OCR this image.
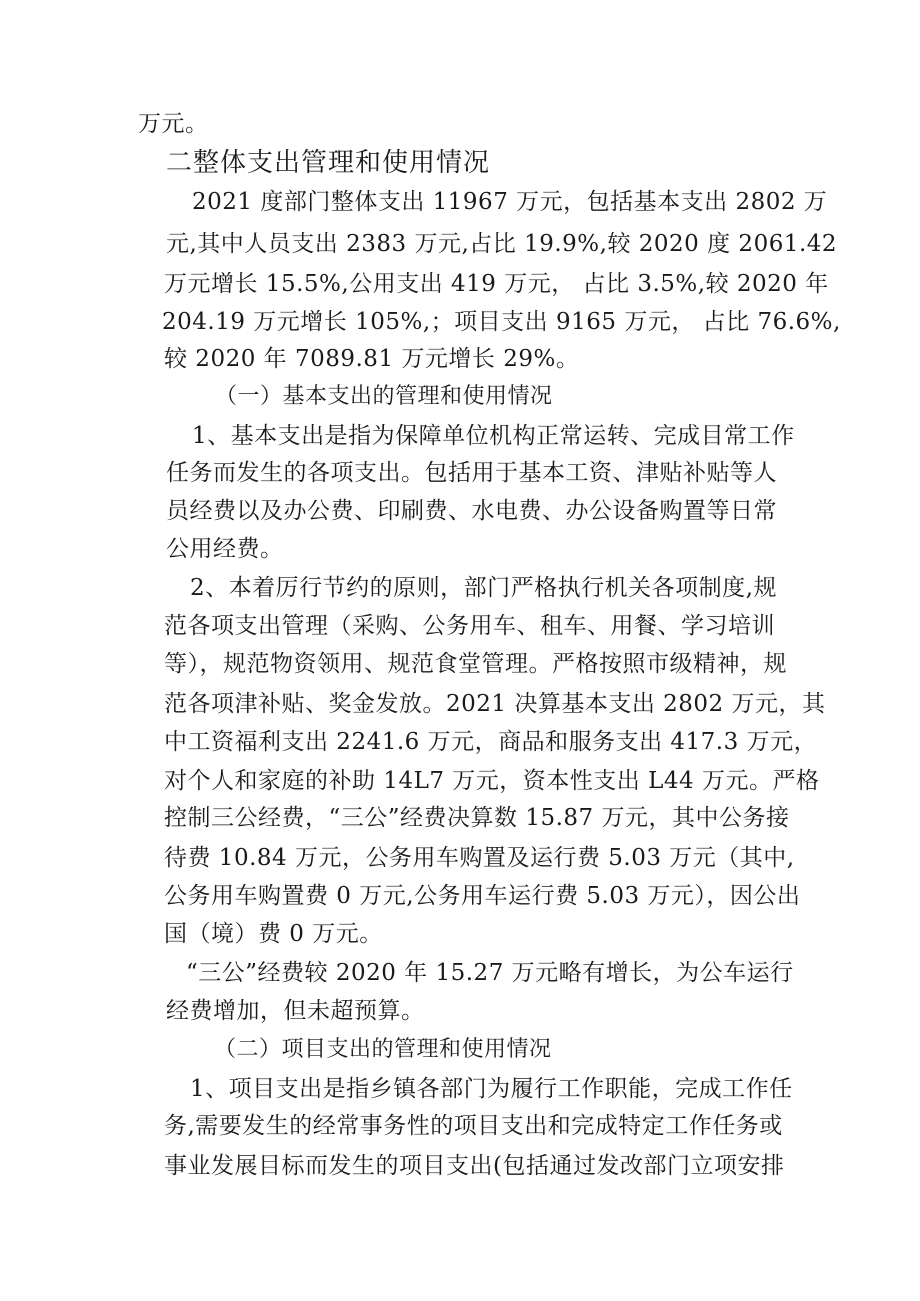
万元。
二整体支出管理和使用情况
2021 度部门整体支出 11967 万元，包括基本支出 2802 万
元,其中人员支出 2383 万元,占比 19.9%,较 2020 度 2061.42
万元增长 15.5%,公用支出 419 万元， 占比 3.5%,较 2020 年
204.19 万元增长 105%,；项目支出 9165 万元， 占比 76.6%,
较 2020 年 7089.81 万元增长 29%。
（一）基本支出的管理和使用情况
1、基本支出是指为保障单位机构正常运转、完成目常工作
任务而发生的各项支出。包括用于基本工资、津贴补贴等人
员经费以及办公费、印刷费、水电费、办公设备购置等日常
公用经费。
2、本着厉行节约的原则，部门严格执行机关各项制度,规
范各项支出管理（采购、公务用车、租车、用餐、学习培训
等），规范物资领用、规范食堂管理。严格按照市级精神，规
范各项津补贴、奖金发放。2021 决算基本支出 2802 万元，其
中工资福利支出 2241.6 万元，商品和服务支出 417.3 万元，
对个人和家庭的补助 14L7 万元，资本性支出 L44 万元。严格
控制三公经费，“三公”经费决算数 15.87 万元，其中公务接
待费 10.84 万元，公务用车购置及运行费 5.03 万元（其中,
公务用车购置费 0 万元,公务用车运行费 5.03 万元），因公出
国（境）费 0 万元。
“三公”经费较 2020 年 15.27 万元略有增长，为公车运行
经费增加，但未超预算。
（二）项目支出的管理和使用情况
1、项目支出是指乡镇各部门为履行工作职能，完成工作任
务,需要发生的经常事务性的项目支出和完成特定工作任务或
事业发展目标而发生的项目支出(包括通过发改部门立项安排
